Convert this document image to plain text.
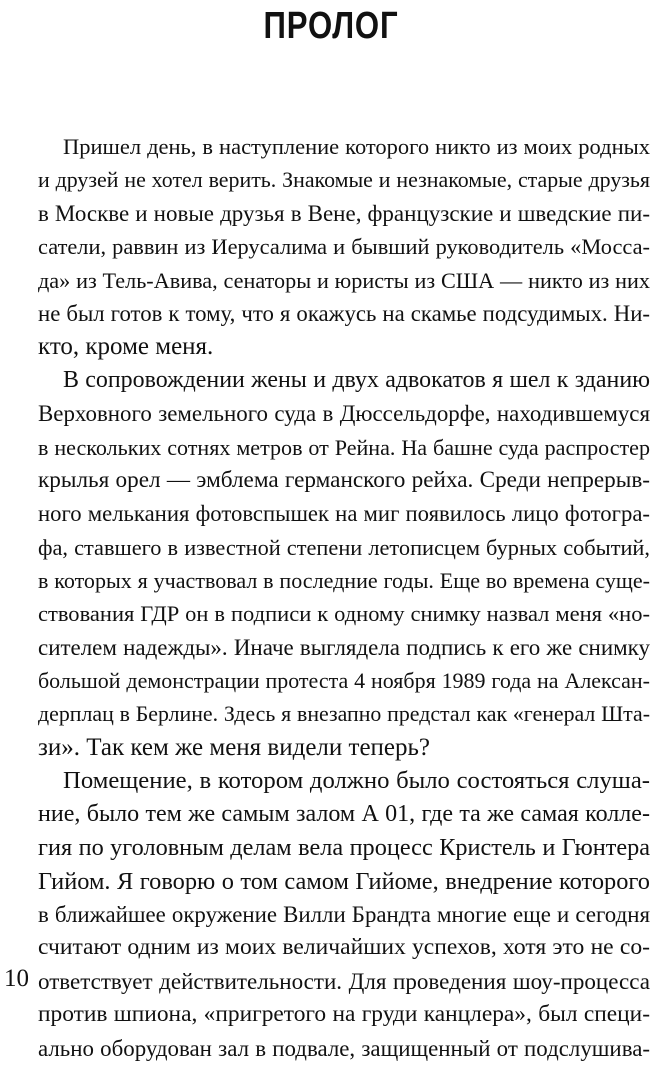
ПРОЛОГ
Пришел день, в наступление которого никто из моих родных
и друзей не хотел верить. Знакомые и незнакомые, старые друзья
в Москве и новые друзья в Вене, французские и шведские пи-
сатели, раввин из Иерусалима и бывший руководитель «Мосса-
да» из Тель-Авива, сенаторы и юристы из США — никто из них
не был готов к тому, что я окажусь на скамье подсудимых. Ни-
кто, кроме меня.
В сопровождении жены и двух адвокатов я шел к зданию
Верховного земельного суда в Дюссельдорфе, находившемуся
в нескольких сотнях метров от Рейна. На башне суда распростер
крылья орел — эмблема германского рейха. Среди непрерыв-
ного мелькания фотовспышек на миг появилось лицо фотогра-
фа, ставшего в известной степени летописцем бурных событий,
в которых я участвовал в последние годы. Еще во времена суще-
ствования ГДР он в подписи к одному снимку назвал меня «но-
сителем надежды». Иначе выглядела подпись к его же снимку
большой демонстрации протеста 4 ноября 1989 года на Алексан-
дерплац в Берлине. Здесь я внезапно предстал как «генерал Шта-
зи». Так кем же меня видели теперь?
Помещение, в котором должно было состояться слуша-
ние, было тем же самым залом А 01, где та же самая колле-
гия по уголовным делам вела процесс Кристель и Гюнтера
Гийом. Я говорю о том самом Гийоме, внедрение которого
в ближайшее окружение Вилли Брандта многие еще и сегодня
считают одним из моих величайших успехов, хотя это не со-
ответствует действительности. Для проведения шоу-процесса
против шпиона, «пригретого на груди канцлера», был специ-
ально оборудован зал в подвале, защищенный от подслушива-
10
